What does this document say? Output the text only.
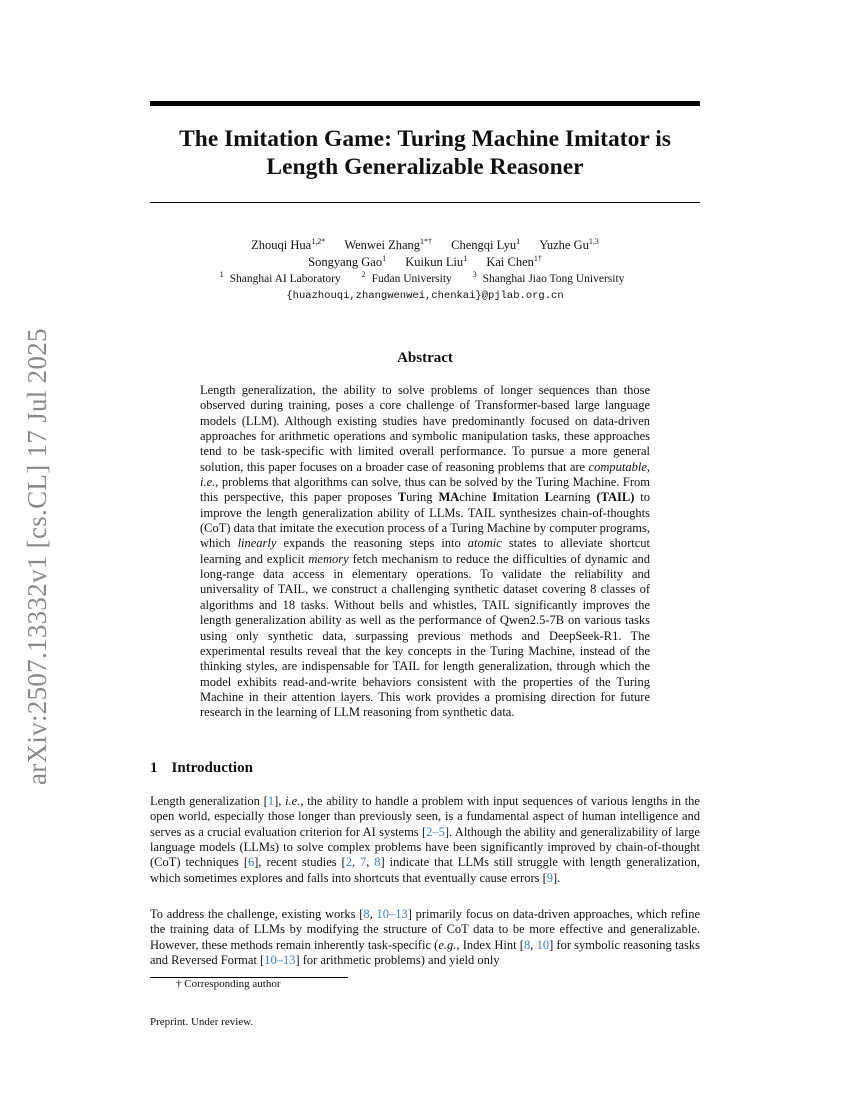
arXiv:2507.13332v1 [cs.CL] 17 Jul 2025
The Imitation Game: Turing Machine Imitator is
Length Generalizable Reasoner
Zhouqi Hua$^{1,2*}$ Wenwei Zhang$^{1*\dagger}$ Chengqi Lyu$^1$ Yuzhe Gu$^{1,3}$
Songyang Gao$^1$ Kuikun Liu$^1$ Kai Chen$^{1\dagger}$
$^1$ Shanghai AI Laboratory	$^2$ Fudan University	$^3$ Shanghai Jiao Tong University
{huazhouqi,zhangwenwei,chenkai}@pjlab.org.cn
Abstract
Length generalization, the ability to solve problems of longer sequences than those observed during training, poses a core challenge of Transformer-based large language models (LLM). Although existing studies have predominantly focused on data-driven approaches for arithmetic operations and symbolic manipulation tasks, these approaches tend to be task-specific with limited overall performance. To pursue a more general solution, this paper focuses on a broader case of reasoning problems that are computable, i.e., problems that algorithms can solve, thus can be solved by the Turing Machine. From this perspective, this paper proposes Turing MAchine Imitation Learning (TAIL) to improve the length generalization ability of LLMs. TAIL synthesizes chain-of-thoughts (CoT) data that imitate the execution process of a Turing Machine by computer programs, which linearly expands the reasoning steps into atomic states to alleviate shortcut learning and explicit memory fetch mechanism to reduce the difficulties of dynamic and long-range data access in elementary operations. To validate the reliability and universality of TAIL, we construct a challenging synthetic dataset covering 8 classes of algorithms and 18 tasks. Without bells and whistles, TAIL significantly improves the length generalization ability as well as the performance of Qwen2.5-7B on various tasks using only synthetic data, surpassing previous methods and DeepSeek-R1. The experimental results reveal that the key concepts in the Turing Machine, instead of the thinking styles, are indispensable for TAIL for length generalization, through which the model exhibits read-and-write behaviors consistent with the properties of the Turing Machine in their attention layers. This work provides a promising direction for future research in the learning of LLM reasoning from synthetic data.
1 Introduction
Length generalization [1], i.e., the ability to handle a problem with input sequences of various lengths in the open world, especially those longer than previously seen, is a fundamental aspect of human intelligence and serves as a crucial evaluation criterion for AI systems [2–5]. Although the ability and generalizability of large language models (LLMs) to solve complex problems have been significantly improved by chain-of-thought (CoT) techniques [6], recent studies [2, 7, 8] indicate that LLMs still struggle with length generalization, which sometimes explores and falls into shortcuts that eventually cause errors [9].
To address the challenge, existing works [8, 10–13] primarily focus on data-driven approaches, which refine the training data of LLMs by modifying the structure of CoT data to be more effective and generalizable. However, these methods remain inherently task-specific (e.g., Index Hint [8, 10] for symbolic reasoning tasks and Reversed Format [10–13] for arithmetic problems) and yield only
† Corresponding author
Preprint. Under review.
